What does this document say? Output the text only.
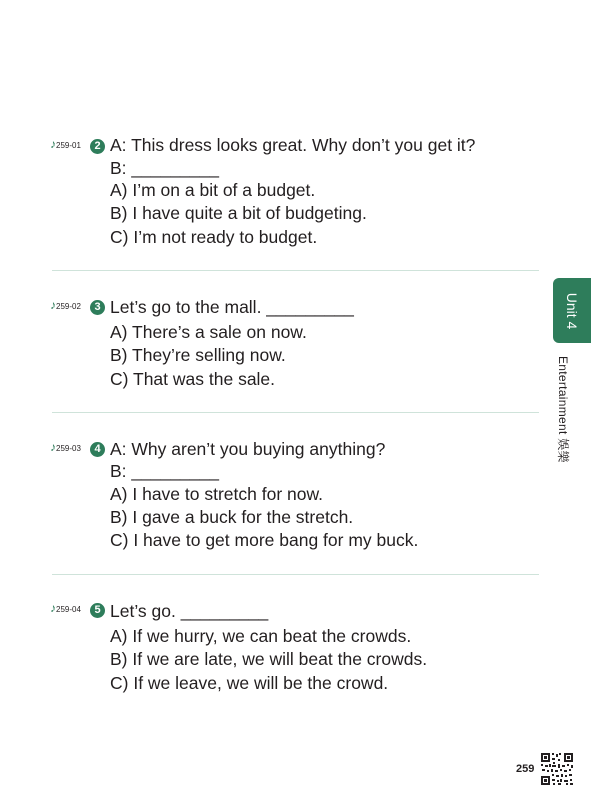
♪259-01	2 A: This dress looks great. Why don’t you get it?
B: _________
A) I’m on a bit of a budget.
B) I have quite a bit of budgeting.
C) I’m not ready to budget.
♪259-02	3 Let’s go to the mall. _________
A) There’s a sale on now.
B) They’re selling now.
C) That was the sale.
♪259-03	4 A: Why aren’t you buying anything?
B: _________
A) I have to stretch for now.
B) I gave a buck for the stretch.
C) I have to get more bang for my buck.
♪259-04	5 Let’s go. _________
A) If we hurry, we can beat the crowds.
B) If we are late, we will beat the crowds.
C) If we leave, we will be the crowd.
Unit 4
Entertainment 娛樂
259
